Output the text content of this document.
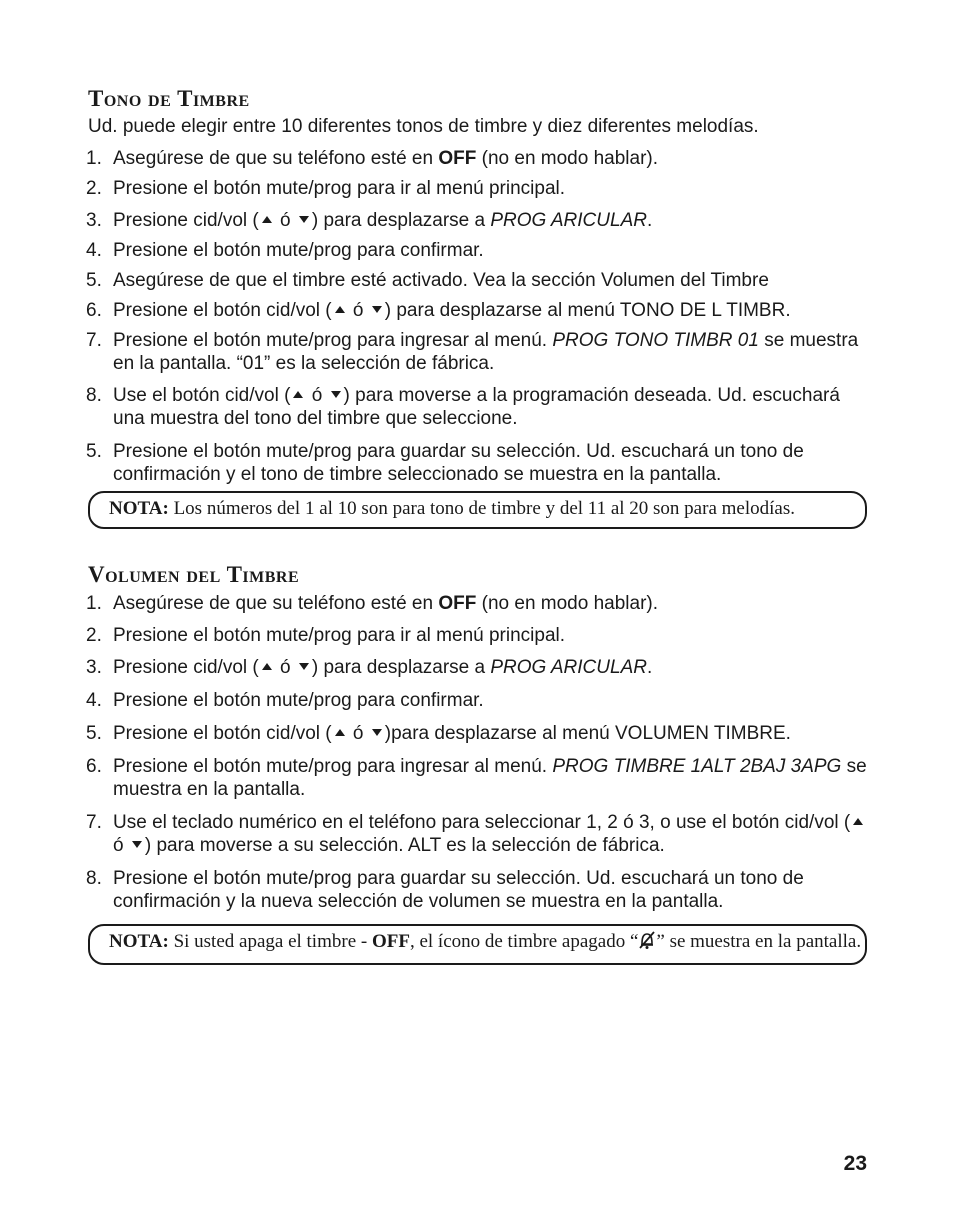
Tono de Timbre

Ud. puede elegir entre 10 diferentes tonos de timbre y diez diferentes melodías.

1. Asegúrese de que su teléfono esté en OFF (no en modo hablar).
2. Presione el botón mute/prog para ir al menú principal.
3. Presione cid/vol ( ó ) para desplazarse a PROG ARICULAR.
4. Presione el botón mute/prog para confirmar.
5. Asegúrese de que el timbre esté activado. Vea la sección Volumen del Timbre
6. Presione el botón cid/vol ( ó ) para desplazarse al menú TONO DE L TIMBR.
7. Presione el botón mute/prog para ingresar al menú. PROG TONO TIMBR 01 se muestra en la pantalla. “01” es la selección de fábrica.
8. Use el botón cid/vol ( ó ) para moverse a la programación deseada. Ud. escuchará una muestra del tono del timbre que seleccione.
5. Presione el botón mute/prog para guardar su selección. Ud. escuchará un tono de confirmación y el tono de timbre seleccionado se muestra en la pantalla.
NOTA: Los números del 1 al 10 son para tono de timbre y del 11 al 20 son para melodías.
Volumen del Timbre
1. Asegúrese de que su teléfono esté en OFF (no en modo hablar).
2. Presione el botón mute/prog para ir al menú principal.
3. Presione cid/vol ( ó ) para desplazarse a PROG ARICULAR.
4. Presione el botón mute/prog para confirmar.
5. Presione el botón cid/vol ( ó )para desplazarse al menú VOLUMEN TIMBRE.
6. Presione el botón mute/prog para ingresar al menú. PROG TIMBRE 1ALT 2BAJ 3APG se muestra en la pantalla.
7. Use el teclado numérico en el teléfono para seleccionar 1, 2 ó 3, o use el botón cid/vol ( ó ) para moverse a su selección. ALT es la selección de fábrica.
8. Presione el botón mute/prog para guardar su selección. Ud. escuchará un tono de confirmación y la nueva selección de volumen se muestra en la pantalla.
NOTA: Si usted apaga el timbre - OFF, el ícono de timbre apagado “ ” se muestra en la pantalla.
23
